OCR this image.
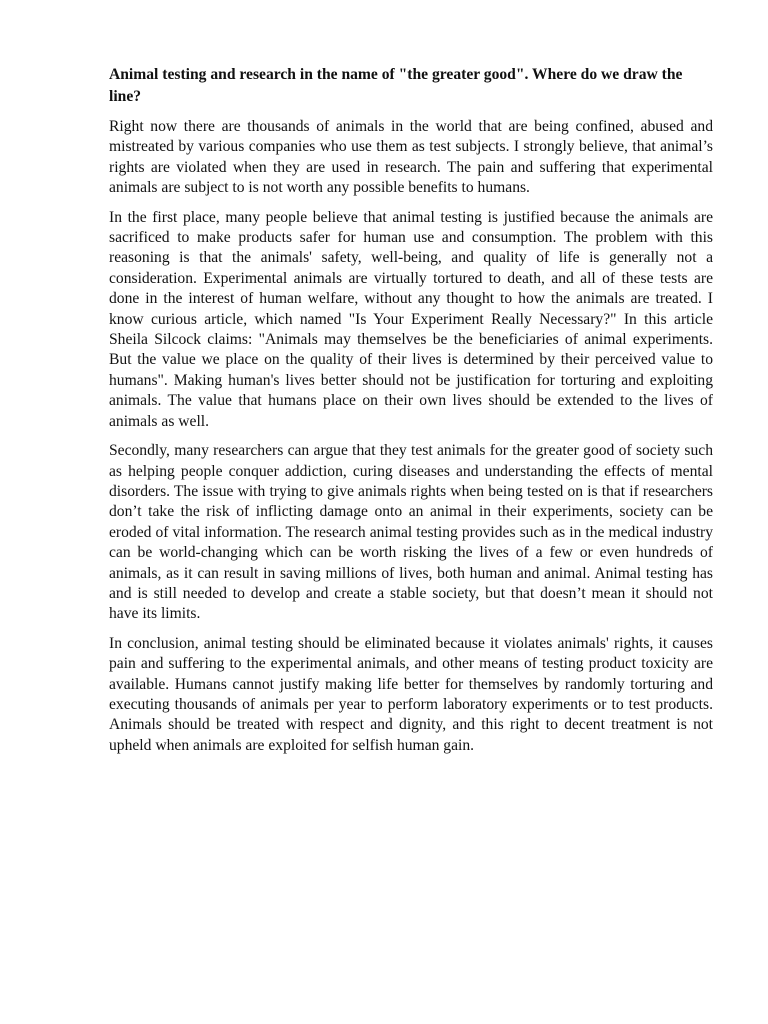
Animal testing and research in the name of "the greater good". Where do we draw the line?

Right now there are thousands of animals in the world that are being confined, abused and mistreated by various companies who use them as test subjects. I strongly believe, that animal’s rights are violated when they are used in research. The pain and suffering that experimental animals are subject to is not worth any possible benefits to humans.

In the first place, many people believe that animal testing is justified because the animals are sacrificed to make products safer for human use and consumption. The problem with this reasoning is that the animals' safety, well-being, and quality of life is generally not a consideration. Experimental animals are virtually tortured to death, and all of these tests are done in the interest of human welfare, without any thought to how the animals are treated. I know curious article, which named "Is Your Experiment Really Necessary?" In this article Sheila Silcock claims: "Animals may themselves be the beneficiaries of animal experiments. But the value we place on the quality of their lives is determined by their perceived value to humans". Making human's lives better should not be justification for torturing and exploiting animals. The value that humans place on their own lives should be extended to the lives of animals as well.

Secondly, many researchers can argue that they test animals for the greater good of society such as helping people conquer addiction, curing diseases and understanding the effects of mental disorders. The issue with trying to give animals rights when being tested on is that if researchers don’t take the risk of inflicting damage onto an animal in their experiments, society can be eroded of vital information. The research animal testing provides such as in the medical industry can be world-changing which can be worth risking the lives of a few or even hundreds of animals, as it can result in saving millions of lives, both human and animal. Animal testing has and is still needed to develop and create a stable society, but that doesn’t mean it should not have its limits.

In conclusion, animal testing should be eliminated because it violates animals' rights, it causes pain and suffering to the experimental animals, and other means of testing product toxicity are available. Humans cannot justify making life better for themselves by randomly torturing and executing thousands of animals per year to perform laboratory experiments or to test products. Animals should be treated with respect and dignity, and this right to decent treatment is not upheld when animals are exploited for selfish human gain.
